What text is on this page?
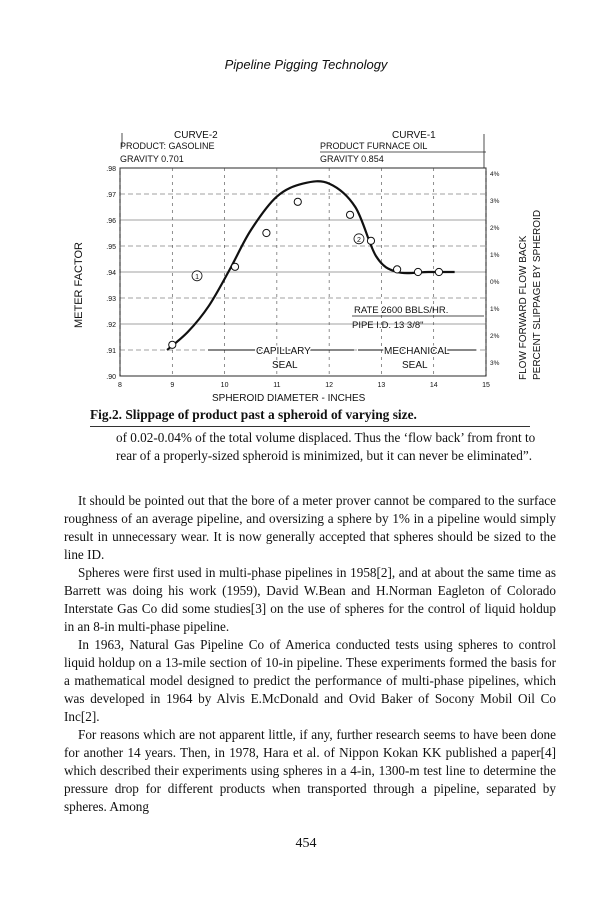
Pipeline Pigging Technology
CURVE-2
PRODUCT: GASOLINE
GRAVITY 0.701
CURVE-1
PRODUCT FURNACE OIL
GRAVITY 0.854
.90
.91
.92
.93
.94
.95
.96
.97
.98
4%
3%
2%
1%
0%
1%
2%
3%
8	9	10	11	12	13	14	15
1
2
RATE 2600 BBLS/HR.
PIPE I.D. 13 3/8"
CAPILLARY
SEAL
MECHANICAL
SEAL
SPHEROID DIAMETER - INCHES
METER FACTOR	FLOW FORWARD FLOW BACK PERCENT SLIPPAGE BY SPHEROID
Fig.2. Slippage of product past a spheroid of varying size.
of 0.02-0.04% of the total volume displaced. Thus the ‘flow back’ from front to rear of a properly-sized spheroid is minimized, but it can never be eliminated”.

It should be pointed out that the bore of a meter prover cannot be compared to the surface roughness of an average pipeline, and oversizing a sphere by 1% in a pipeline would simply result in unnecessary wear. It is now generally accepted that spheres should be sized to the line ID.

Spheres were first used in multi-phase pipelines in 1958[2], and at about the same time as Barrett was doing his work (1959), David W.Bean and H.Norman Eagleton of Colorado Interstate Gas Co did some studies[3] on the use of spheres for the control of liquid holdup in an 8-in multi-phase pipeline.

In 1963, Natural Gas Pipeline Co of America conducted tests using spheres to control liquid holdup on a 13-mile section of 10-in pipeline. These experiments formed the basis for a mathematical model designed to predict the performance of multi-phase pipelines, which was developed in 1964 by Alvis E.McDonald and Ovid Baker of Socony Mobil Oil Co Inc[2].

For reasons which are not apparent little, if any, further research seems to have been done for another 14 years. Then, in 1978, Hara et al. of Nippon Kokan KK published a paper[4] which described their experiments using spheres in a 4-in, 1300-m test line to determine the pressure drop for different products when transported through a pipeline, separated by spheres. Among

454
